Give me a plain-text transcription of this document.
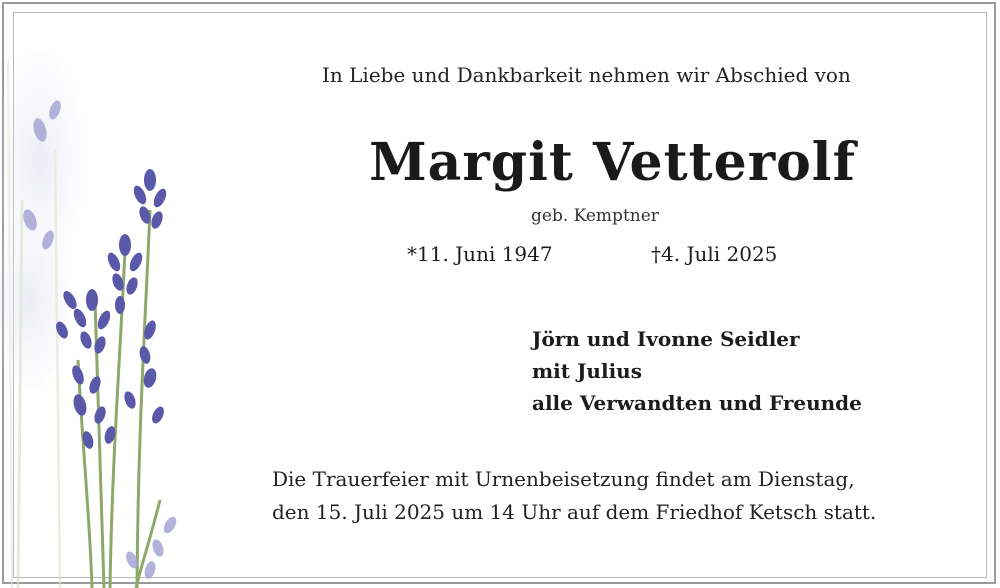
In Liebe und Dankbarkeit nehmen wir Abschied von

Margit Vetterolf

geb. Kemptner

*11. Juni 1947	†4. Juli 2025

Jörn und Ivonne Seidler

mit Julius

alle Verwandten und Freunde

Die Trauerfeier mit Urnenbeisetzung findet am Dienstag,

den 15. Juli 2025 um 14 Uhr auf dem Friedhof Ketsch statt.
